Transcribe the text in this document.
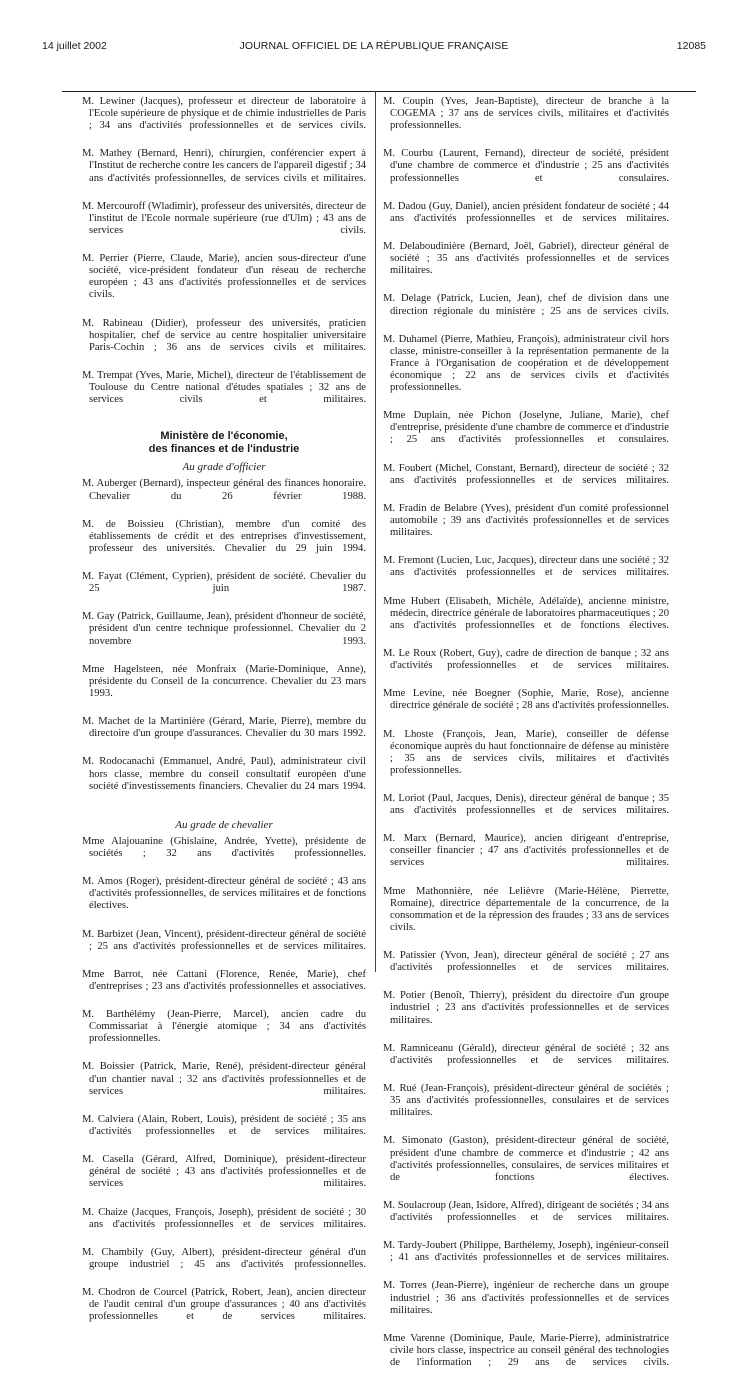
14 juillet 2002	JOURNAL OFFICIEL DE LA RÉPUBLIQUE FRANÇAISE	12085

M. Lewiner (Jacques), professeur et directeur de laboratoire à l'Ecole supérieure de physique et de chimie industrielles de Paris ; 34 ans d'activités professionnelles et de services civils.

M. Mathey (Bernard, Henri), chirurgien, conférencier expert à l'Institut de recherche contre les cancers de l'appareil digestif ; 34 ans d'activités professionnelles, de services civils et militaires.

M. Mercouroff (Wladimir), professeur des universités, directeur de l'institut de l'Ecole normale supérieure (rue d'Ulm) ; 43 ans de services civils.

M. Perrier (Pierre, Claude, Marie), ancien sous-directeur d'une société, vice-président fondateur d'un réseau de recherche européen ; 43 ans d'activités professionnelles et de services civils.

M. Rabineau (Didier), professeur des universités, praticien hospitalier, chef de service au centre hospitalier universitaire Paris-Cochin ; 36 ans de services civils et militaires.

M. Trempat (Yves, Marie, Michel), directeur de l'établissement de Toulouse du Centre national d'études spatiales ; 32 ans de services civils et militaires.

Ministère de l'économie,
des finances et de l'industrie
Au grade d'officier

M. Auberger (Bernard), inspecteur général des finances honoraire. Chevalier du 26 février 1988.

M. de Boissieu (Christian), membre d'un comité des établissements de crédit et des entreprises d'investissement, professeur des universités. Chevalier du 29 juin 1994.

M. Fayat (Clément, Cyprien), président de société. Chevalier du 25 juin 1987.

M. Gay (Patrick, Guillaume, Jean), président d'honneur de société, président d'un centre technique professionnel. Chevalier du 2 novembre 1993.

Mme Hagelsteen, née Monfraix (Marie-Dominique, Anne), présidente du Conseil de la concurrence. Chevalier du 23 mars 1993.

M. Machet de la Martinière (Gérard, Marie, Pierre), membre du directoire d'un groupe d'assurances. Chevalier du 30 mars 1992.

M. Rodocanachi (Emmanuel, André, Paul), administrateur civil hors classe, membre du conseil consultatif européen d'une société d'investissements financiers. Chevalier du 24 mars 1994.

Au grade de chevalier

Mme Alajouanine (Ghislaine, Andrée, Yvette), présidente de sociétés ; 32 ans d'activités professionnelles.

M. Amos (Roger), président-directeur général de société ; 43 ans d'activités professionnelles, de services militaires et de fonctions électives.

M. Barbizet (Jean, Vincent), président-directeur général de société ; 25 ans d'activités professionnelles et de services militaires.

Mme Barrot, née Cattani (Florence, Renée, Marie), chef d'entreprises ; 23 ans d'activités professionnelles et associatives.

M. Barthélémy (Jean-Pierre, Marcel), ancien cadre du Commissariat à l'énergie atomique ; 34 ans d'activités professionnelles.

M. Boissier (Patrick, Marie, René), président-directeur général d'un chantier naval ; 32 ans d'activités professionnelles et de services militaires.

M. Calviera (Alain, Robert, Louis), président de société ; 35 ans d'activités professionnelles et de services militaires.

M. Casella (Gérard, Alfred, Dominique), président-directeur général de société ; 43 ans d'activités professionnelles et de services militaires.

M. Chaize (Jacques, François, Joseph), président de société ; 30 ans d'activités professionnelles et de services militaires.

M. Chambily (Guy, Albert), président-directeur général d'un groupe industriel ; 45 ans d'activités professionnelles.

M. Chodron de Courcel (Patrick, Robert, Jean), ancien directeur de l'audit central d'un groupe d'assurances ; 40 ans d'activités professionnelles et de services militaires.

M. Coupin (Yves, Jean-Baptiste), directeur de branche à la COGEMA ; 37 ans de services civils, militaires et d'activités professionnelles.

M. Courbu (Laurent, Fernand), directeur de société, président d'une chambre de commerce et d'industrie ; 25 ans d'activités professionnelles et consulaires.

M. Dadou (Guy, Daniel), ancien président fondateur de société ; 44 ans d'activités professionnelles et de services militaires.

M. Delaboudinière (Bernard, Joël, Gabriel), directeur général de société ; 35 ans d'activités professionnelles et de services militaires.

M. Delage (Patrick, Lucien, Jean), chef de division dans une direction régionale du ministère ; 25 ans de services civils.

M. Duhamel (Pierre, Mathieu, François), administrateur civil hors classe, ministre-conseiller à la représentation permanente de la France à l'Organisation de coopération et de développement économique ; 22 ans de services civils et d'activités professionnelles.

Mme Duplain, née Pichon (Joselyne, Juliane, Marie), chef d'entreprise, présidente d'une chambre de commerce et d'industrie ; 25 ans d'activités professionnelles et consulaires.

M. Foubert (Michel, Constant, Bernard), directeur de société ; 32 ans d'activités professionnelles et de services militaires.

M. Fradin de Belabre (Yves), président d'un comité professionnel automobile ; 39 ans d'activités professionnelles et de services militaires.

M. Fremont (Lucien, Luc, Jacques), directeur dans une société ; 32 ans d'activités professionnelles et de services militaires.

Mme Hubert (Elisabeth, Michèle, Adélaïde), ancienne ministre, médecin, directrice générale de laboratoires pharmaceutiques ; 20 ans d'activités professionnelles et de fonctions électives.

M. Le Roux (Robert, Guy), cadre de direction de banque ; 32 ans d'activités professionnelles et de services militaires.

Mme Levine, née Boegner (Sophie, Marie, Rose), ancienne directrice générale de société ; 28 ans d'activités professionnelles.

M. Lhoste (François, Jean, Marie), conseiller de défense économique auprès du haut fonctionnaire de défense au ministère ; 35 ans de services civils, militaires et d'activités professionnelles.

M. Loriot (Paul, Jacques, Denis), directeur général de banque ; 35 ans d'activités professionnelles et de services militaires.

M. Marx (Bernard, Maurice), ancien dirigeant d'entreprise, conseiller financier ; 47 ans d'activités professionnelles et de services militaires.

Mme Mathonnière, née Lelièvre (Marie-Hélène, Pierrette, Romaine), directrice départementale de la concurrence, de la consommation et de la répression des fraudes ; 33 ans de services civils.

M. Patissier (Yvon, Jean), directeur général de société ; 27 ans d'activités professionnelles et de services militaires.

M. Potier (Benoît, Thierry), président du directoire d'un groupe industriel ; 23 ans d'activités professionnelles et de services militaires.

M. Ramniceanu (Gérald), directeur général de société ; 32 ans d'activités professionnelles et de services militaires.

M. Rué (Jean-François), président-directeur général de sociétés ; 35 ans d'activités professionnelles, consulaires et de services militaires.

M. Simonato (Gaston), président-directeur général de société, président d'une chambre de commerce et d'industrie ; 42 ans d'activités professionnelles, consulaires, de services militaires et de fonctions électives.

M. Soulacroup (Jean, Isidore, Alfred), dirigeant de sociétés ; 34 ans d'activités professionnelles et de services militaires.

M. Tardy-Joubert (Philippe, Barthélemy, Joseph), ingénieur-conseil ; 41 ans d'activités professionnelles et de services militaires.

M. Torres (Jean-Pierre), ingénieur de recherche dans un groupe industriel ; 36 ans d'activités professionnelles et de services militaires.

Mme Varenne (Dominique, Paule, Marie-Pierre), administratrice civile hors classe, inspectrice au conseil général des technologies de l'information ; 29 ans de services civils.
